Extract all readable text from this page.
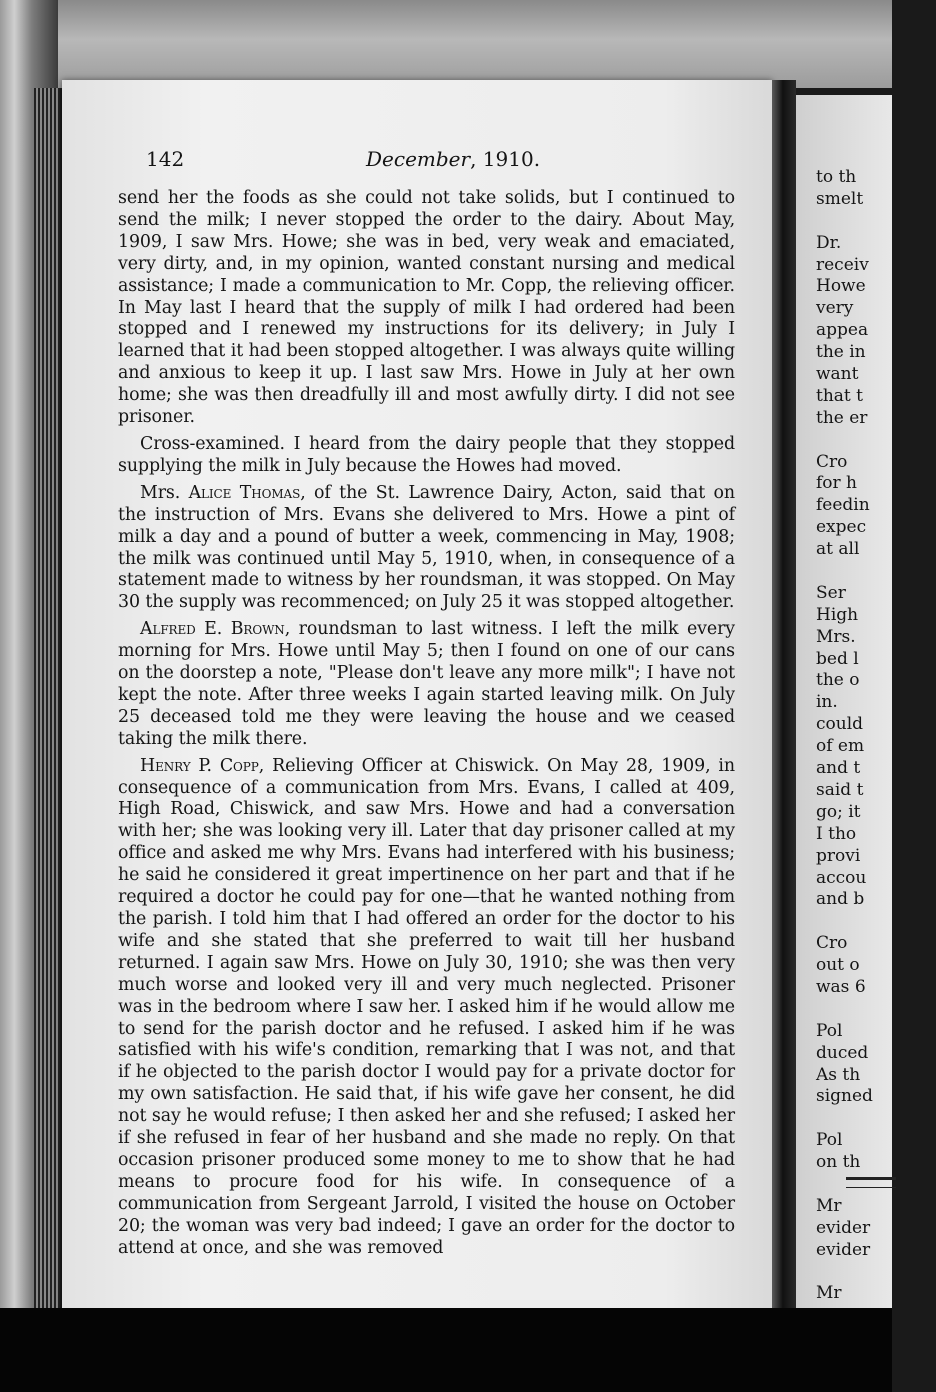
to th
smelt
Dr.
receiv
Howe
very
appea
the in
want
that t
the er
Cro
for h
feedin
expec
at all
Ser
High
Mrs.
bed l
the o
in.
could
of em
and t
said t
go; it
I tho
provi
accou
and b
Cro
out o
was 6
Pol
duced
As th
signed
Pol
on th
Mr
evider
evider
Mr
142	December, 1910.

send her the foods as she could not take solids, but I continued to send the milk; I never stopped the order to the dairy. About May, 1909, I saw Mrs. Howe; she was in bed, very weak and emaciated, very dirty, and, in my opinion, wanted constant nursing and medical assistance; I made a communication to Mr. Copp, the relieving officer. In May last I heard that the supply of milk I had ordered had been stopped and I renewed my instructions for its delivery; in July I learned that it had been stopped altogether. I was always quite willing and anxious to keep it up. I last saw Mrs. Howe in July at her own home; she was then dreadfully ill and most awfully dirty. I did not see prisoner.

Cross-examined. I heard from the dairy people that they stopped supplying the milk in July because the Howes had moved.

Mrs. Alice Thomas, of the St. Lawrence Dairy, Acton, said that on the instruction of Mrs. Evans she delivered to Mrs. Howe a pint of milk a day and a pound of butter a week, commencing in May, 1908; the milk was continued until May 5, 1910, when, in consequence of a statement made to witness by her roundsman, it was stopped. On May 30 the supply was recommenced; on July 25 it was stopped altogether.

Alfred E. Brown, roundsman to last witness. I left the milk every morning for Mrs. Howe until May 5; then I found on one of our cans on the doorstep a note, "Please don't leave any more milk"; I have not kept the note. After three weeks I again started leaving milk. On July 25 deceased told me they were leaving the house and we ceased taking the milk there.

Henry P. Copp, Relieving Officer at Chiswick. On May 28, 1909, in consequence of a communication from Mrs. Evans, I called at 409, High Road, Chiswick, and saw Mrs. Howe and had a conversation with her; she was looking very ill. Later that day prisoner called at my office and asked me why Mrs. Evans had interfered with his business; he said he considered it great impertinence on her part and that if he required a doctor he could pay for one—that he wanted nothing from the parish. I told him that I had offered an order for the doctor to his wife and she stated that she preferred to wait till her husband returned. I again saw Mrs. Howe on July 30, 1910; she was then very much worse and looked very ill and very much neglected. Prisoner was in the bedroom where I saw her. I asked him if he would allow me to send for the parish doctor and he refused. I asked him if he was satisfied with his wife's condition, remarking that I was not, and that if he objected to the parish doctor I would pay for a private doctor for my own satisfaction. He said that, if his wife gave her consent, he did not say he would refuse; I then asked her and she refused; I asked her if she refused in fear of her husband and she made no reply. On that occasion prisoner produced some money to me to show that he had means to procure food for his wife. In consequence of a communication from Sergeant Jarrold, I visited the house on October 20; the woman was very bad indeed; I gave an order for the doctor to attend at once, and she was removed
